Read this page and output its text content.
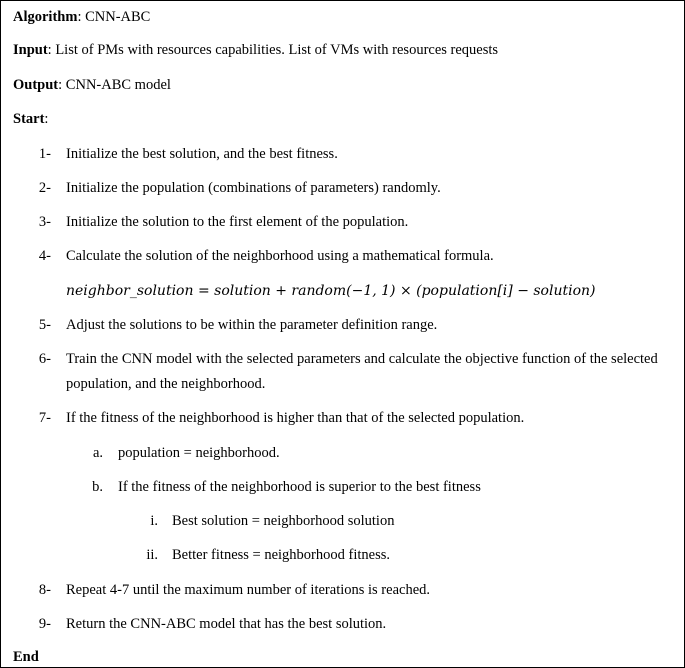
Algorithm: CNN-ABC
Input: List of PMs with resources capabilities. List of VMs with resources requests
Output: CNN-ABC model
Start:
1- Initialize the best solution, and the best fitness.
2- Initialize the population (combinations of parameters) randomly.
3- Initialize the solution to the first element of the population.
4- Calculate the solution of the neighborhood using a mathematical formula.
neighbor_solution = solution + random(−1, 1) × (population[i] − solution)
5- Adjust the solutions to be within the parameter definition range.
6- Train the CNN model with the selected parameters and calculate the objective function of the selected
population, and the neighborhood.
7- If the fitness of the neighborhood is higher than that of the selected population.
a. population = neighborhood.
b. If the fitness of the neighborhood is superior to the best fitness
i. Best solution = neighborhood solution
ii. Better fitness = neighborhood fitness.
8- Repeat 4-7 until the maximum number of iterations is reached.
9- Return the CNN-ABC model that has the best solution.
End
